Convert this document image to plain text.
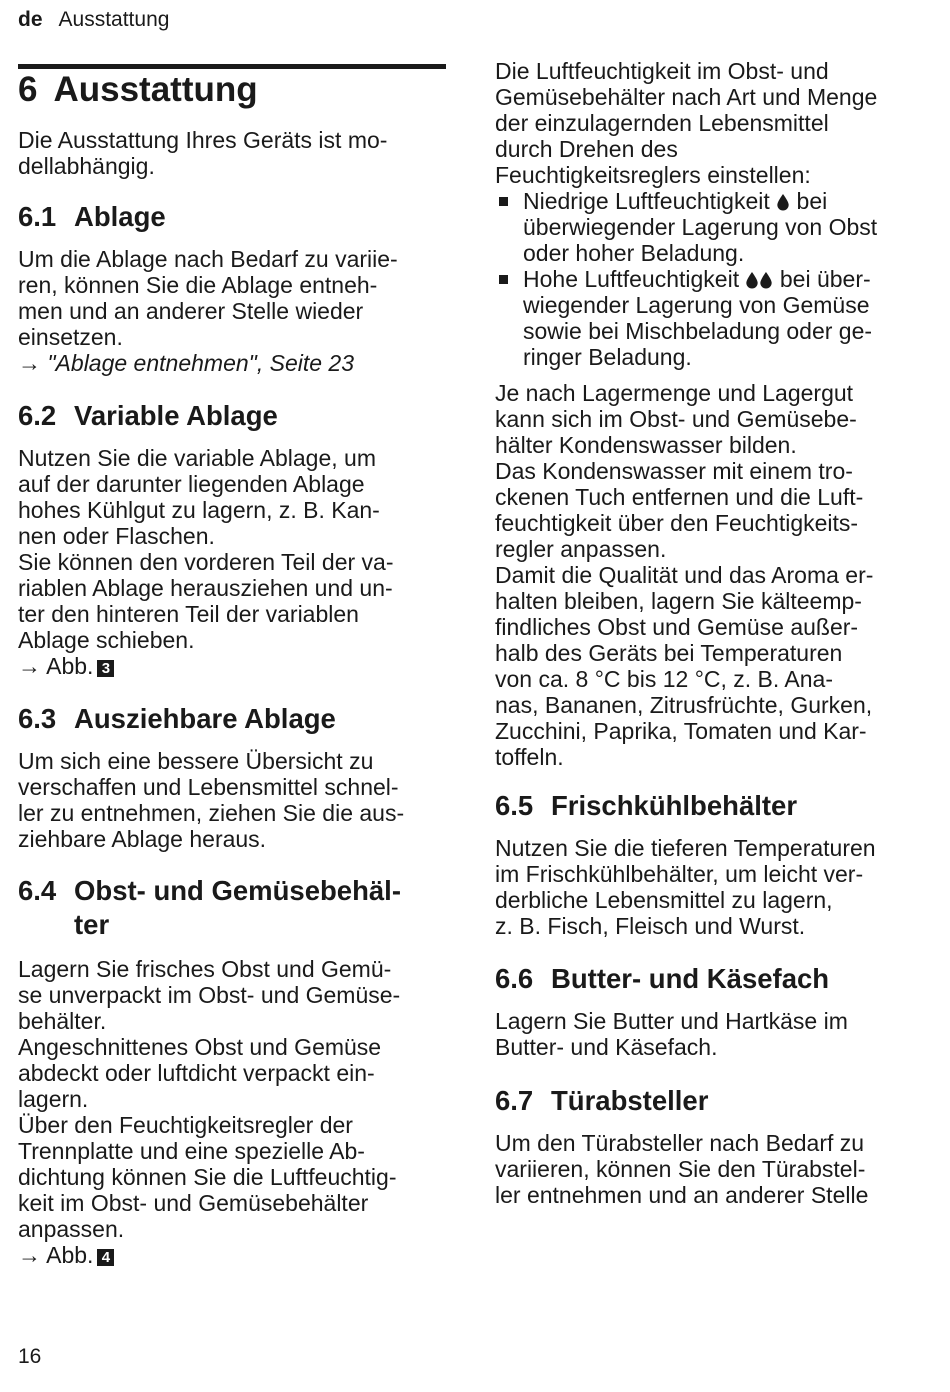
de Ausstattung
6 Ausstattung

Die Ausstattung Ihres Geräts ist mo-
dellabhängig.

6.1 Ablage

Um die Ablage nach Bedarf zu variie-
ren, können Sie die Ablage entneh-
men und an anderer Stelle wieder
einsetzen.

→ "Ablage entnehmen", Seite 23

6.2 Variable Ablage

Nutzen Sie die variable Ablage, um
auf der darunter liegenden Ablage
hohes Kühlgut zu lagern, z. B. Kan-
nen oder Flaschen.
Sie können den vorderen Teil der va-
riablen Ablage herausziehen und un-
ter den hinteren Teil der variablen
Ablage schieben.

→ Abb. 3

6.3 Ausziehbare Ablage

Um sich eine bessere Übersicht zu
verschaffen und Lebensmittel schnel-
ler zu entnehmen, ziehen Sie die aus-
ziehbare Ablage heraus.

6.4 Obst- und Gemüsebehäl-
ter

Lagern Sie frisches Obst und Gemü-
se unverpackt im Obst- und Gemüse-
behälter.
Angeschnittenes Obst und Gemüse
abdeckt oder luftdicht verpackt ein-
lagern.
Über den Feuchtigkeitsregler der
Trennplatte und eine spezielle Ab-
dichtung können Sie die Luftfeuchtig-
keit im Obst- und Gemüsebehälter
anpassen.

→ Abb. 4

Die Luftfeuchtigkeit im Obst- und
Gemüsebehälter nach Art und Menge
der einzulagernden Lebensmittel
durch Drehen des
Feuchtigkeitsreglers einstellen:

Niedrige Luftfeuchtigkeit  bei
überwiegender Lagerung von Obst
oder hoher Beladung.
Hohe Luftfeuchtigkeit  bei über-
wiegender Lagerung von Gemüse
sowie bei Mischbeladung oder ge-
ringer Beladung.

Je nach Lagermenge und Lagergut
kann sich im Obst- und Gemüsebe-
hälter Kondenswasser bilden.
Das Kondenswasser mit einem tro-
ckenen Tuch entfernen und die Luft-
feuchtigkeit über den Feuchtigkeits-
regler anpassen.
Damit die Qualität und das Aroma er-
halten bleiben, lagern Sie kälteemp-
findliches Obst und Gemüse außer-
halb des Geräts bei Temperaturen
von ca. 8 °C bis 12 °C, z. B. Ana-
nas, Bananen, Zitrusfrüchte, Gurken,
Zucchini, Paprika, Tomaten und Kar-
toffeln.

6.5 Frischkühlbehälter

Nutzen Sie die tieferen Temperaturen
im Frischkühlbehälter, um leicht ver-
derbliche Lebensmittel zu lagern,
z. B. Fisch, Fleisch und Wurst.

6.6 Butter- und Käsefach

Lagern Sie Butter und Hartkäse im
Butter- und Käsefach.

6.7 Türabsteller

Um den Türabsteller nach Bedarf zu
variieren, können Sie den Türabstel-
ler entnehmen und an anderer Stelle

16
